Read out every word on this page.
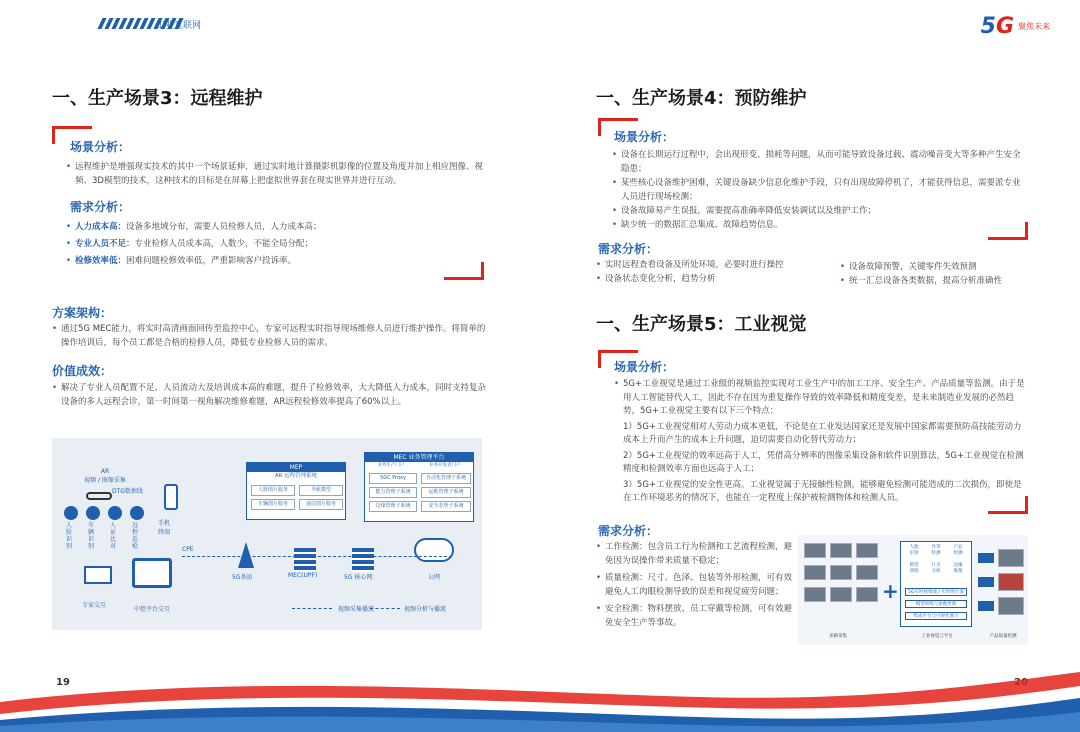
工业互联网
一、生产场景3：远程维护
场景分析：
• 远程维护是增强现实技术的其中一个场景延伸，通过实时地计算摄影机影像的位置及角度并加上相应图像、视频、3D模型的技术，这种技术的目标是在屏幕上把虚拟世界套在现实世界并进行互动。
需求分析：
• 人力成本高：设备多地域分布，需要人员检修人员，人力成本高；
• 专业人员不足：专业检修人员成本高，人数少，不能全局分配；
• 检修效率低：困难问题检修效率低，严重影响客户投诉率。
方案架构：
• 通过5G MEC能力，将实时高清画面回传至监控中心，专家可远程实时指导现场维修人员进行维护操作。将简单的操作培训后，每个员工都是合格的检修人员，降低专业检修人员的需求。
价值成效：
• 解决了专业人员配置不足、人员流动大及培训成本高的难题，提升了检修效率，大大降低人力成本，同时支持复杂设备的多人远程会诊，第一时间第一视角解决维修难题，AR远程检修效率提高了60%以上。
AR
视频 / 图像采集
DTG数据线
手机
终端
人
脸
识
别
车
辆
识
别
人
证
比
对
远
程
巡
检
专家交互
中控平台交互
CPE
5G基站
MEP
AR 远程管理系统
人脸图片服务	导航模型
车辆图片服务	通信图片服务
MEC 业务管理平台
业务生产门户	业务开发者门户
5GC Proxy	自动化管理子系统
能力管理子系统	运维管理子系统
边缘管理子系统	安全态势子系统
MEC(UPF)	5G 核心网	公网
视频采集播流	视频分析与播流
19
5G 聚焦未来
一、生产场景4：预防维护
场景分析：
• 设备在长期运行过程中，会出现形变、损耗等问题，从而可能导致设备过载、震动噪音变大等多种产生安全隐患；
• 某些核心设备维护困难，关键设备缺少信息化维护手段，只有出现故障停机了，才能获得信息，需要派专业人员进行现场检测；
• 设备故障易产生误报，需要提高准确率降低安装调试以及维护工作；
• 缺少统一的数据汇总集成、故障趋势信息。
需求分析：
• 实时远程查看设备及所处环境，必要时进行操控
• 设备状态变化分析，趋势分析
• 设备故障预警，关键零件失效预测
• 统一汇总设备各类数据，提高分析准确性
一、生产场景5：工业视觉
场景分析：
• 5G+工业视觉是通过工业级的视频监控实现对工业生产中的加工工序、安全生产、产品质量等监测。由于是用人工智能替代人工，因此不存在因为重复操作导致的效率降低和精度变差，是未来制造业发展的必然趋势，5G+工业视觉主要有以下三个特点：

1）5G+工业视觉相对人劳动力成本更低，不论是在工业发达国家还是发展中国家都需要预防高技能劳动力成本上升而产生的成本上升问题，迫切需要自动化替代劳动力；

2）5G+工业视觉的效率远高于人工，凭借高分辨率的图像采集设备和软件识别算法，5G+工业视觉在检测精度和检测效率方面也远高于人工；

3）5G+工业视觉的安全性更高。工业视觉属于无接触性检测，能够避免检测可能造成的二次损伤，即使是在工作环境恶劣的情况下，也能在一定程度上保护被检测物体和检测人员。

需求分析：
• 工作检测：包含员工行为检测和工艺流程检测，避免因为误操作带来质量不稳定；
• 质量检测：尺寸、色泽、包装等外形检测，可有效避免人工肉眼检测导致的误差和视觉疲劳问题；
• 安全检测：物料摆放、员工穿戴等检测，可有效避免安全生产等事故。
+
人脸
识别
异常
检测
产品
检测
模型
训练
行为
分析
边缘
推理
5G实时视频流 / 实时图片流
模型训练与参数更新
集成平台与可视化展示
多路采集	工业视觉云平台	产品质量检测
